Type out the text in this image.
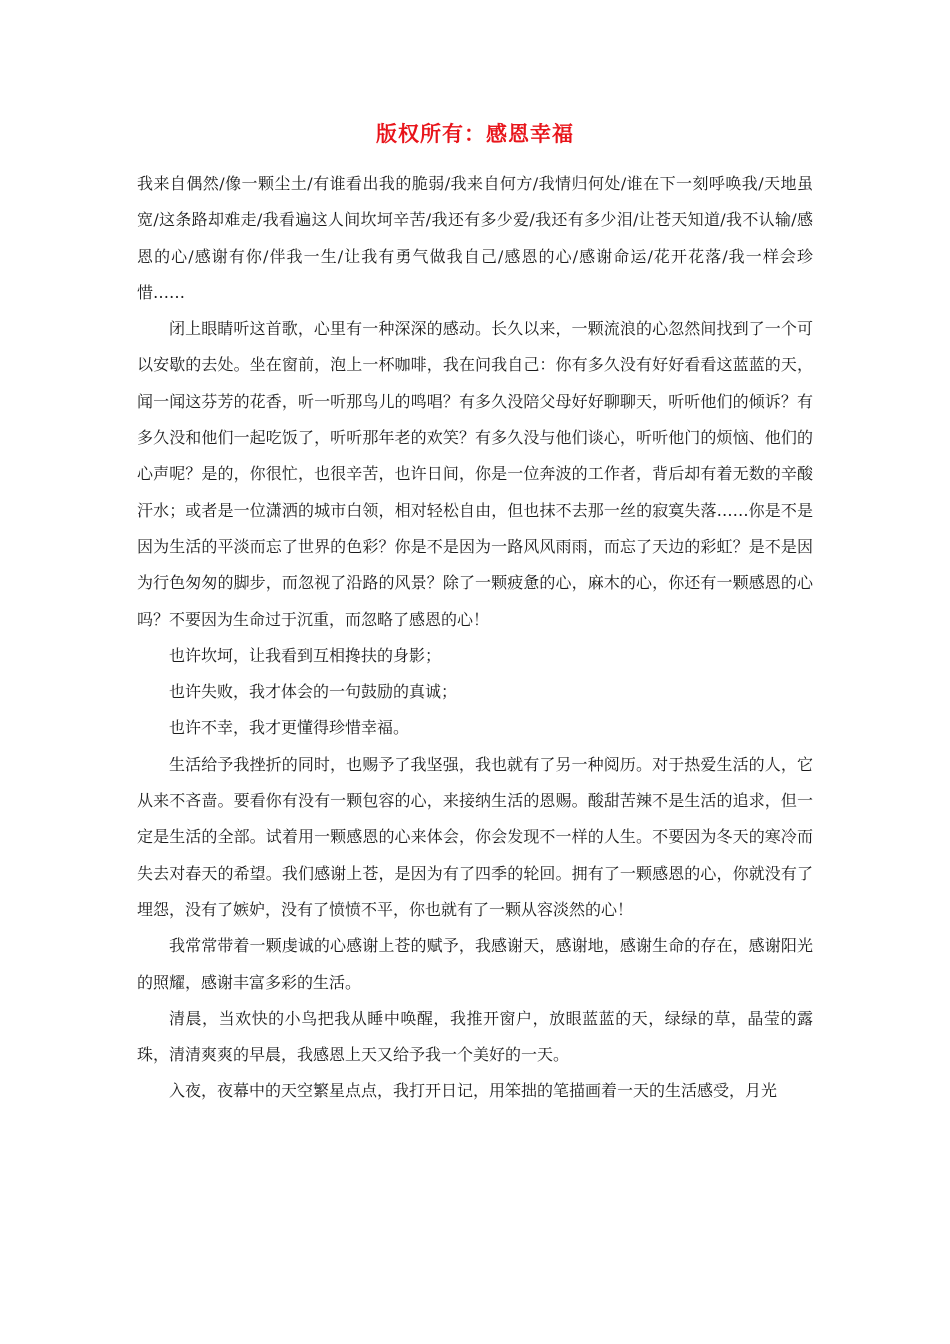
版权所有：感恩幸福

我来自偶然/像一颗尘土/有谁看出我的脆弱/我来自何方/我情归何处/谁在下一刻呼唤我/天地虽宽/这条路却难走/我看遍这人间坎坷辛苦/我还有多少爱/我还有多少泪/让苍天知道/我不认输/感恩的心/感谢有你/伴我一生/让我有勇气做我自己/感恩的心/感谢命运/花开花落/我一样会珍惜……

闭上眼睛听这首歌，心里有一种深深的感动。长久以来，一颗流浪的心忽然间找到了一个可以安歇的去处。坐在窗前，泡上一杯咖啡，我在问我自己：你有多久没有好好看看这蓝蓝的天，闻一闻这芬芳的花香，听一听那鸟儿的鸣唱？有多久没陪父母好好聊聊天，听听他们的倾诉？有多久没和他们一起吃饭了，听听那年老的欢笑？有多久没与他们谈心，听听他门的烦恼、他们的心声呢？是的，你很忙，也很辛苦，也许日间，你是一位奔波的工作者，背后却有着无数的辛酸汗水；或者是一位潇洒的城市白领，相对轻松自由，但也抹不去那一丝的寂寞失落……你是不是因为生活的平淡而忘了世界的色彩？你是不是因为一路风风雨雨，而忘了天边的彩虹？是不是因为行色匆匆的脚步，而忽视了沿路的风景？除了一颗疲惫的心，麻木的心，你还有一颗感恩的心吗？不要因为生命过于沉重，而忽略了感恩的心！

也许坎坷，让我看到互相搀扶的身影；

也许失败，我才体会的一句鼓励的真诚；

也许不幸，我才更懂得珍惜幸福。

生活给予我挫折的同时，也赐予了我坚强，我也就有了另一种阅历。对于热爱生活的人，它从来不吝啬。要看你有没有一颗包容的心，来接纳生活的恩赐。酸甜苦辣不是生活的追求，但一定是生活的全部。试着用一颗感恩的心来体会，你会发现不一样的人生。不要因为冬天的寒冷而失去对春天的希望。我们感谢上苍，是因为有了四季的轮回。拥有了一颗感恩的心，你就没有了埋怨，没有了嫉妒，没有了愤愤不平，你也就有了一颗从容淡然的心！

我常常带着一颗虔诚的心感谢上苍的赋予，我感谢天，感谢地，感谢生命的存在，感谢阳光的照耀，感谢丰富多彩的生活。

清晨，当欢快的小鸟把我从睡中唤醒，我推开窗户，放眼蓝蓝的天，绿绿的草，晶莹的露珠，清清爽爽的早晨，我感恩上天又给予我一个美好的一天。

入夜，夜幕中的天空繁星点点，我打开日记，用笨拙的笔描画着一天的生活感受，月光
